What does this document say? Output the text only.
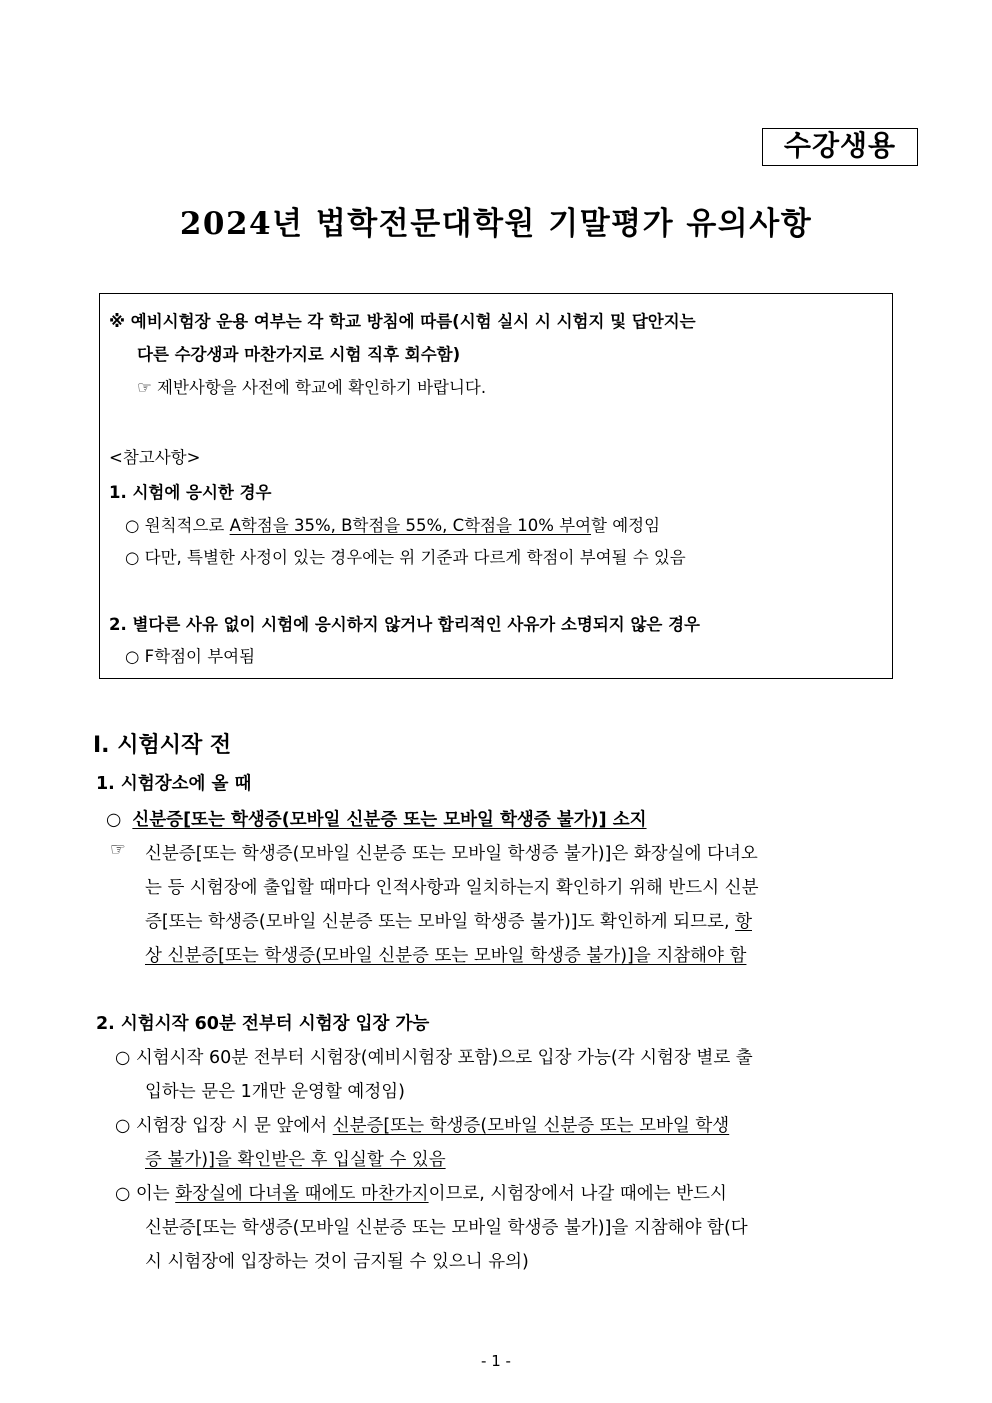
수강생용
2024년 법학전문대학원 기말평가 유의사항
※ 예비시험장 운용 여부는 각 학교 방침에 따름(시험 실시 시 시험지 및 답안지는
다른 수강생과 마찬가지로 시험 직후 회수함)
☞ 제반사항을 사전에 학교에 확인하기 바랍니다.
<참고사항>
1. 시험에 응시한 경우
○ 원칙적으로 A학점을 35%, B학점을 55%, C학점을 10% 부여할 예정임
○ 다만, 특별한 사정이 있는 경우에는 위 기준과 다르게 학점이 부여될 수 있음
2. 별다른 사유 없이 시험에 응시하지 않거나 합리적인 사유가 소명되지 않은 경우
○ F학점이 부여됨
I. 시험시작 전
1. 시험장소에 올 때
○ 신분증[또는 학생증(모바일 신분증 또는 모바일 학생증 불가)] 소지
☞ 신분증[또는 학생증(모바일 신분증 또는 모바일 학생증 불가)]은 화장실에 다녀오
는 등 시험장에 출입할 때마다 인적사항과 일치하는지 확인하기 위해 반드시 신분
증[또는 학생증(모바일 신분증 또는 모바일 학생증 불가)]도 확인하게 되므로, 항
상 신분증[또는 학생증(모바일 신분증 또는 모바일 학생증 불가)]을 지참해야 함
2. 시험시작 60분 전부터 시험장 입장 가능
○ 시험시작 60분 전부터 시험장(예비시험장 포함)으로 입장 가능(각 시험장 별로 출
입하는 문은 1개만 운영할 예정임)
○ 시험장 입장 시 문 앞에서 신분증[또는 학생증(모바일 신분증 또는 모바일 학생
증 불가)]을 확인받은 후 입실할 수 있음
○ 이는 화장실에 다녀올 때에도 마찬가지이므로, 시험장에서 나갈 때에는 반드시
신분증[또는 학생증(모바일 신분증 또는 모바일 학생증 불가)]을 지참해야 함(다
시 시험장에 입장하는 것이 금지될 수 있으니 유의)
- 1 -
